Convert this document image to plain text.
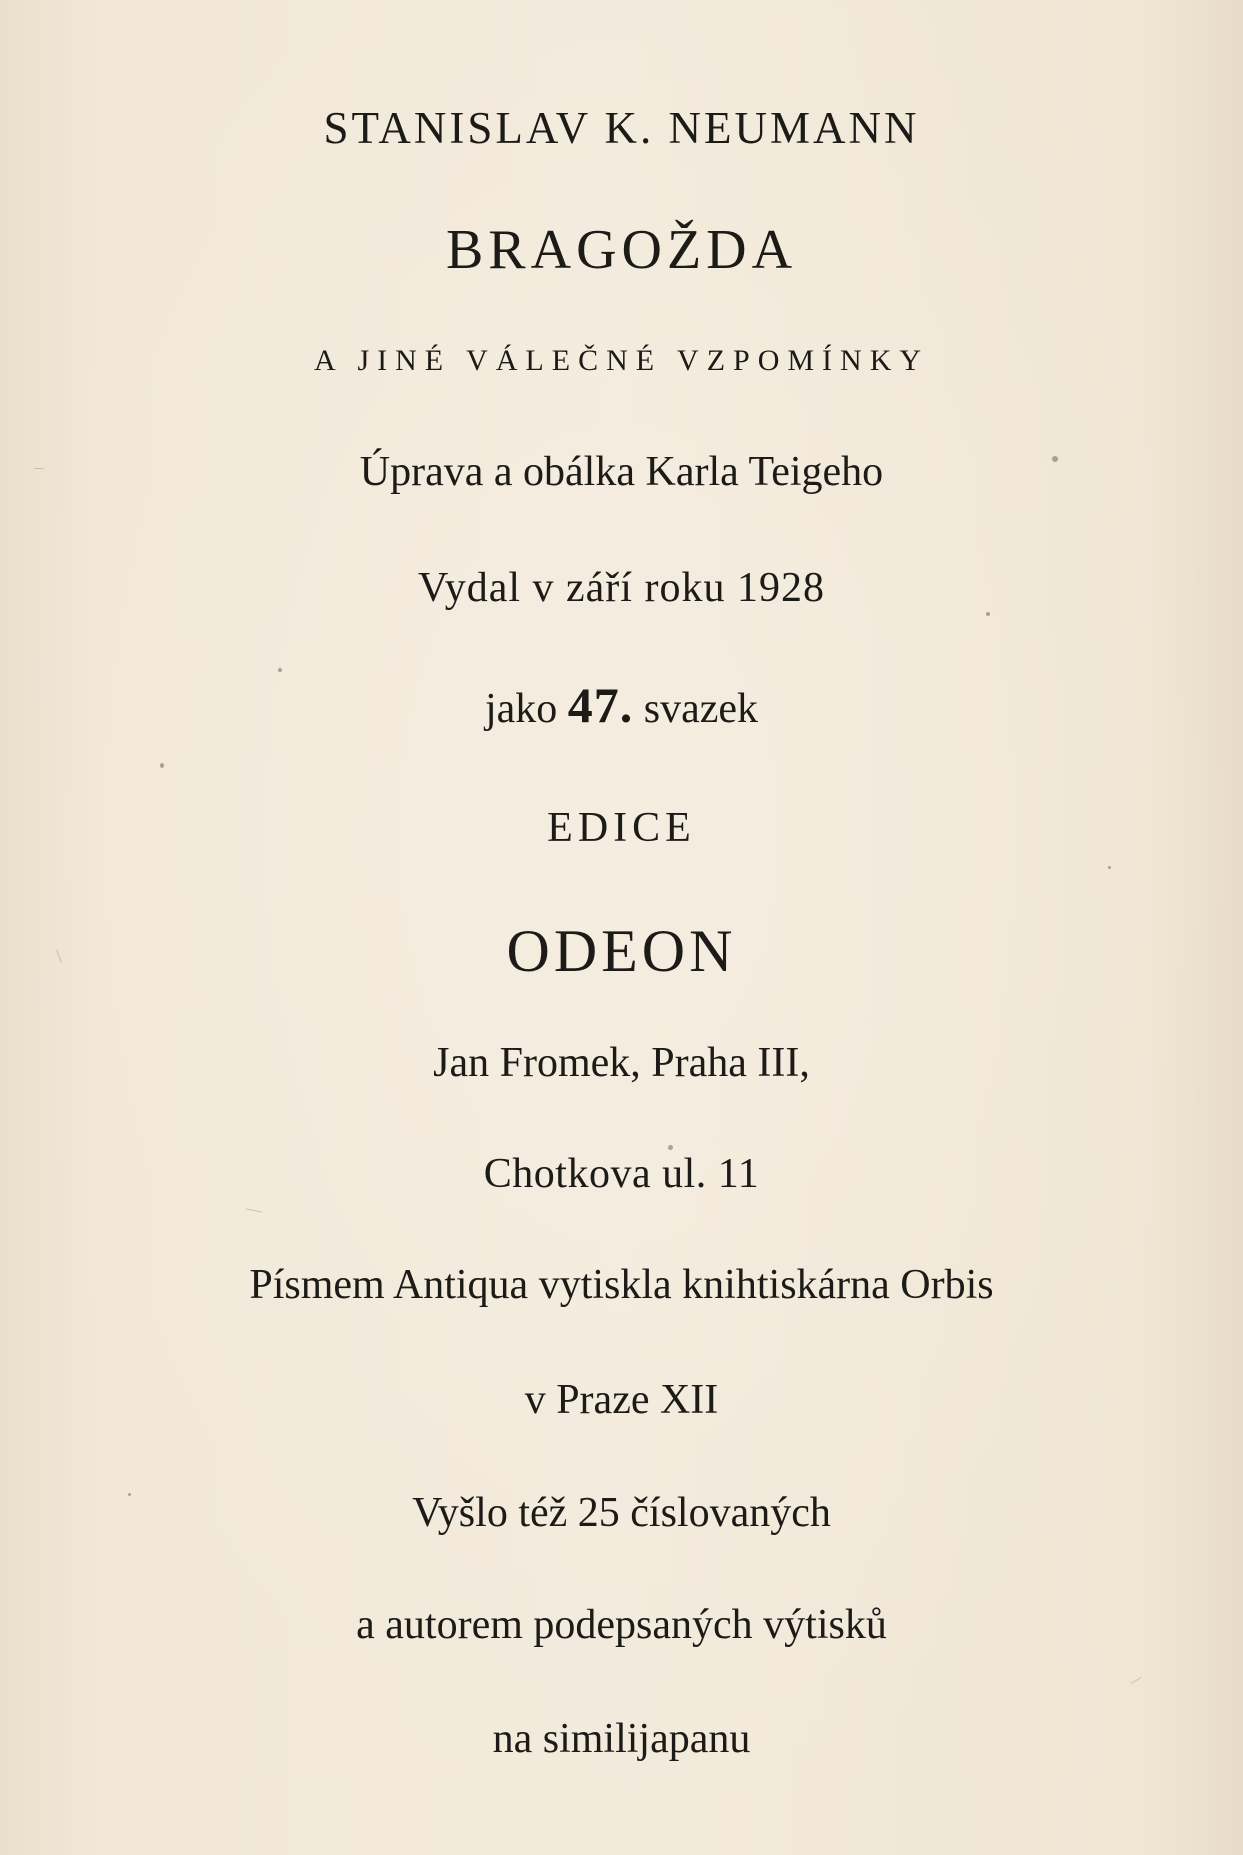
STANISLAV K. NEUMANN
BRAGOŽDA
A JINÉ VÁLEČNÉ VZPOMÍNKY
Úprava a obálka Karla Teigeho
Vydal v září roku 1928
jako 47. svazek
EDICE
ODEON
Jan Fromek, Praha III,
Chotkova ul. 11
Písmem Antiqua vytiskla knihtiskárna Orbis
v Praze XII
Vyšlo též 25 číslovaných
a autorem podepsaných výtisků
na similijapanu
